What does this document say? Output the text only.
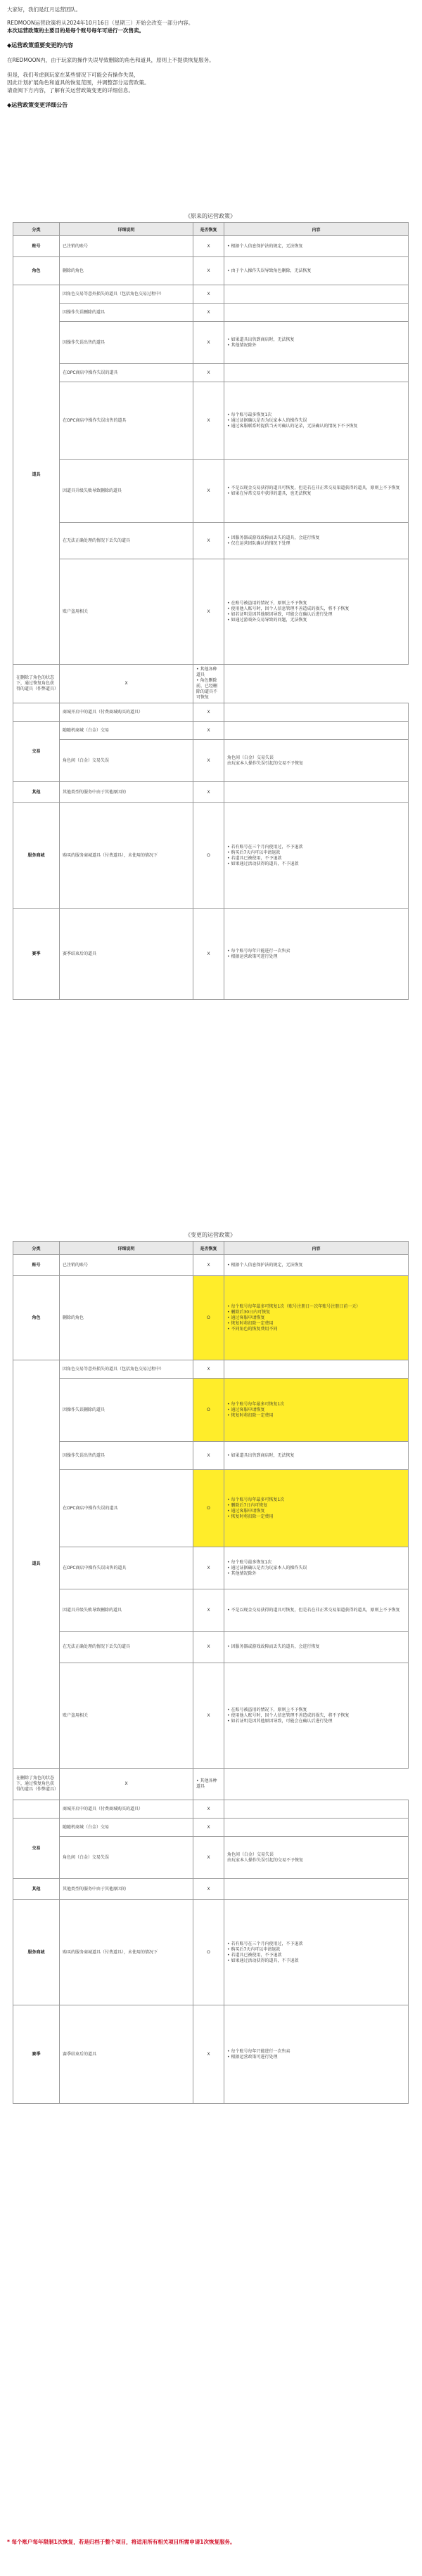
大家好，我们是红月运营团队。

REDMOON运营政策将从2024年10月16日（星期三）开始会改变一部分内容。

本次运营政策的主要目的是每个账号每年可进行一次售卖。

◆运营政策重要变更的内容

在REDMOON内，由于玩家的操作失误导致删除的角色和道具，原则上不提供恢复服务。

但是，我们考虑到玩家在某些情况下可能会有操作失误，

因此计划扩展角色和道具的恢复范围，并调整部分运营政策。

请查阅下方内容，了解有关运营政策变更的详细信息。

◆运营政策变更详细公告

《原来的运营政策》
分类	详细说明	是否恢复	内容
账号	已注销的账号	X	• 根据个人信息保护法的规定，无法恢复
角色	删除的角色	X	• 由于个人操作失误导致角色删除，无法恢复
道具	因角色交易等意外损失的道具（包括角色交易过程中）	X	
	因操作失误删除的道具	X	
	因操作失误出售的道具	X	• 如果道具出售到商店时，无法恢复
• 其他情况除外
	在OPC商店中操作失误的道具	X	
	在OPC商店中操作失误出售的道具	X	• 每个账号最多恢复1次
• 通过证据确认是否为玩家本人的操作失误
• 通过客服联系时提供当天可确认的记录，无法确认的情况下不予恢复
	因道具升级失败导致删除的道具	X	• 不是以现金交易获得的道具可恢复，但是若在非正常交易渠道获得的道具，原则上不予恢复
• 如果在异常交易中获得的道具，也无法恢复
	在无法正确处理的情况下丢失的道具	X	• 因服务器或游戏故障而丢失的道具，会进行恢复
• 仅在运营团队确认的情况下处理
	账户盗用相关	X	• 在账号被盗用的情况下，原则上不予恢复
• 使用他人账号时，因个人信息管理不善造成的损失，将不予恢复
• 如若证明是因其他原因导致，可能会在确认后进行处理
• 如通过游戏外交易导致的问题，无法恢复
在删除了角色的状态下，通过恢复角色获得的道具（作弊道具）	X	• 其他各种道具
• 角色删除前，已经删除的道具不可恢复	
	商城开启中的道具（付费商城购买的道具）	X	
交易	随随机商城（白金）交易	X	
	角色间（白金）交易失误	X	角色间（白金）交易失误
由玩家本人操作失误引起的交易不予恢复
其他	其他类型的服务中由于其他原因的	X	
服务商城	购买的服务商城道具（付费道具），未使用的情况下	O	• 若有账号在三个月内使用过，不予退款
• 购买后7天内可以申请退款
• 若道具已被使用，不予退款
• 如果通过活动获得的道具，不予退款
赛季	赛季结束后的道具	X	• 每个账号每年只能进行一次售卖
• 根据运营政策可进行处理
《变更的运营政策》
分类	详细说明	是否恢复	内容
账号	已注销的账号	X	• 根据个人信息保护法的规定，无法恢复
角色	删除的角色	O	• 每个账号每年最多可恢复1次（账号注册日～次年账号注册日前一天）
• 删除后30日内可恢复
• 通过客服申请恢复
• 恢复时将扣除一定费用
• 不同角色的恢复费用不同
道具	因角色交易等意外损失的道具（包括角色交易过程中）	X	
	因操作失误删除的道具	O	• 每个账号每年最多可恢复1次
• 通过客服申请恢复
• 恢复时将扣除一定费用
	因操作失误出售的道具	X	• 如果道具出售到商店时，无法恢复
	在OPC商店中操作失误的道具	O	• 每个账号每年最多可恢复1次
• 删除后7日内可恢复
• 通过客服申请恢复
• 恢复时将扣除一定费用
	在OPC商店中操作失误出售的道具	X	• 每个账号最多恢复1次
• 通过证据确认是否为玩家本人的操作失误
• 其他情况除外
	因道具升级失败导致删除的道具	X	• 不是以现金交易获得的道具可恢复，但是若在非正常交易渠道获得的道具，原则上不予恢复
	在无法正确处理的情况下丢失的道具	X	• 因服务器或游戏故障而丢失的道具，会进行恢复
	账户盗用相关	X	• 在账号被盗用的情况下，原则上不予恢复
• 使用他人账号时，因个人信息管理不善造成的损失，将不予恢复
• 如若证明是因其他原因导致，可能会在确认后进行处理
在删除了角色的状态下，通过恢复角色获得的道具（作弊道具）	X	• 其他各种道具	
	商城开启中的道具（付费商城购买的道具）	X	
交易	随随机商城（白金）交易	X	
	角色间（白金）交易失误	X	角色间（白金）交易失误
由玩家本人操作失误引起的交易不予恢复
其他	其他类型的服务中由于其他原因的	X	
服务商城	购买的服务商城道具（付费道具），未使用的情况下	O	• 若有账号在三个月内使用过，不予退款
• 购买后7天内可以申请退款
• 若道具已被使用，不予退款
• 如果通过活动获得的道具，不予退款
赛季	赛季结束后的道具	X	• 每个账号每年只能进行一次售卖
• 根据运营政策可进行处理
* 每个账户每年限制1次恢复，若是归档于整个项目，将适用所有相关项目所需申请1次恢复服务。
